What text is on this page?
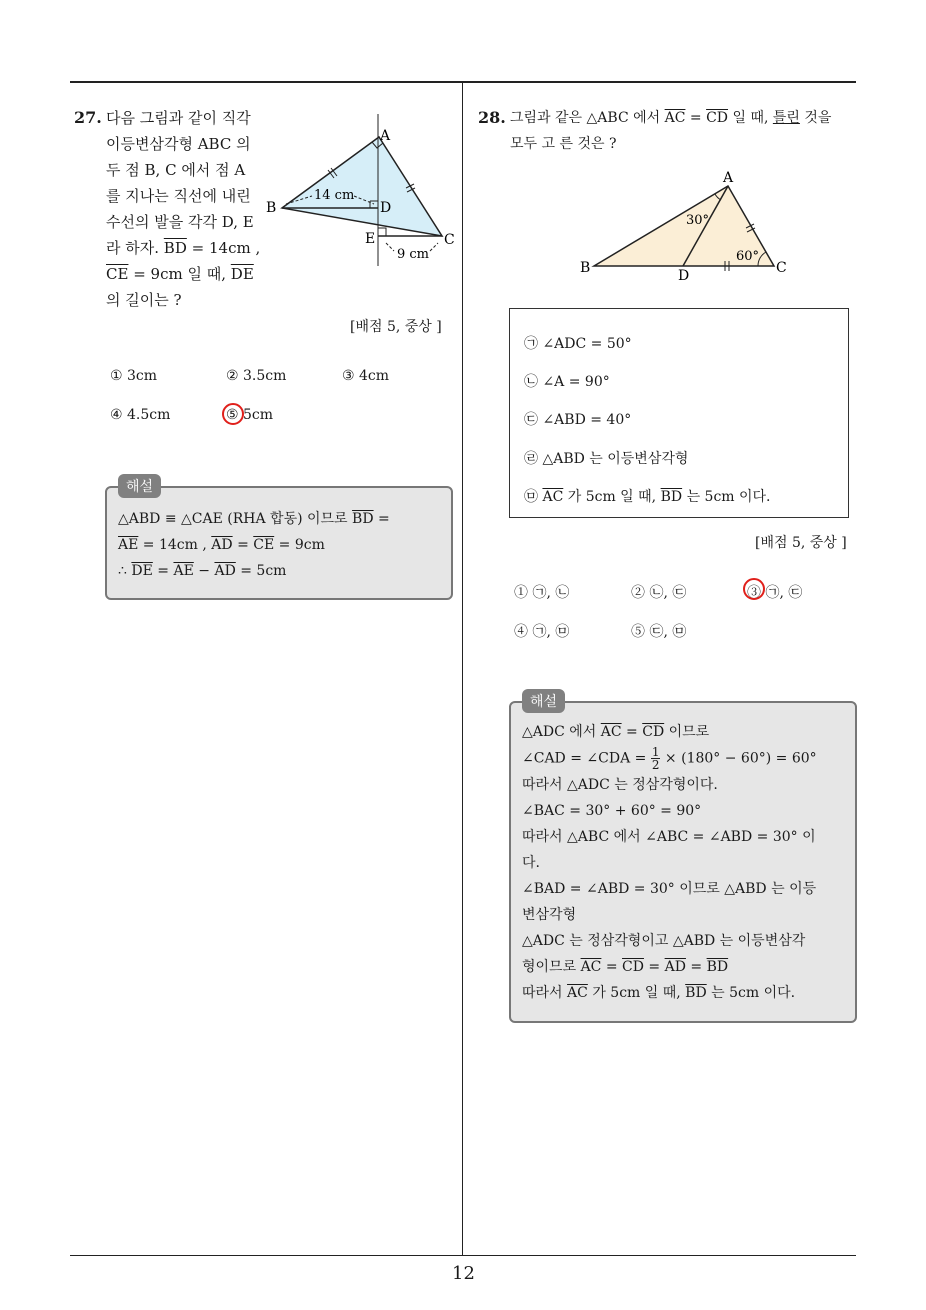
12
27. 다음 그림과 같이 직각
이등변삼각형 ABC 의
두 점 B, C 에서 점 A
를 지나는 직선에 내린
수선의 발을 각각 D, E
라 하자. $\overline{BD} = 14cm$ ,
$\overline{CE} = 9cm$ 일 때, $\overline{DE}$
의 길이는 ?
A
B
C
D
E
14 cm
9 cm
[배점 5, 중상 ]
① 3cm	② 3.5cm	③ 4cm
④ 4.5cm	⑤ 5cm
해설
△ABD ≡ △CAE (RHA 합동) 이므로 $\overline{BD}$ =
$\overline{AE} = 14cm$ , $\overline{AD} = \overline{CE} = 9cm$
∴ $\overline{DE} = \overline{AE} - \overline{AD} = 5cm$
28. 그림과 같은 △ABC 에서 $\overline{AC} = \overline{CD}$ 일 때, 틀린 것을
모두 고 른 것은 ?
A
B	C
D
30°
60°
㉠ ∠ADC = 50°
㉡ ∠A = 90°
㉢ ∠ABD = 40°
㉣ △ABD 는 이등변삼각형
㉤ $\overline{AC}$ 가 5cm 일 때, $\overline{BD}$ 는 5cm 이다.
[배점 5, 중상 ]
① ㉠, ㉡	② ㉡, ㉢	③ ㉠, ㉢
④ ㉠, ㉤	⑤ ㉢, ㉤
해설
△ADC 에서 $\overline{AC} = \overline{CD}$ 이므로
∠CAD = ∠CDA = $\frac{1}{2} \times (180^\circ - 60^\circ) = 60^\circ$
따라서 △ADC 는 정삼각형이다.
∠BAC = 30° + 60° = 90°
따라서 △ABC 에서 ∠ABC = ∠ABD = 30° 이
다.
∠BAD = ∠ABD = 30° 이므로 △ABD 는 이등
변삼각형
△ADC 는 정삼각형이고 △ABD 는 이등변삼각
형이므로 $\overline{AC} = \overline{CD} = \overline{AD} = \overline{BD}$
따라서 $\overline{AC}$ 가 5cm 일 때, $\overline{BD}$ 는 5cm 이다.
